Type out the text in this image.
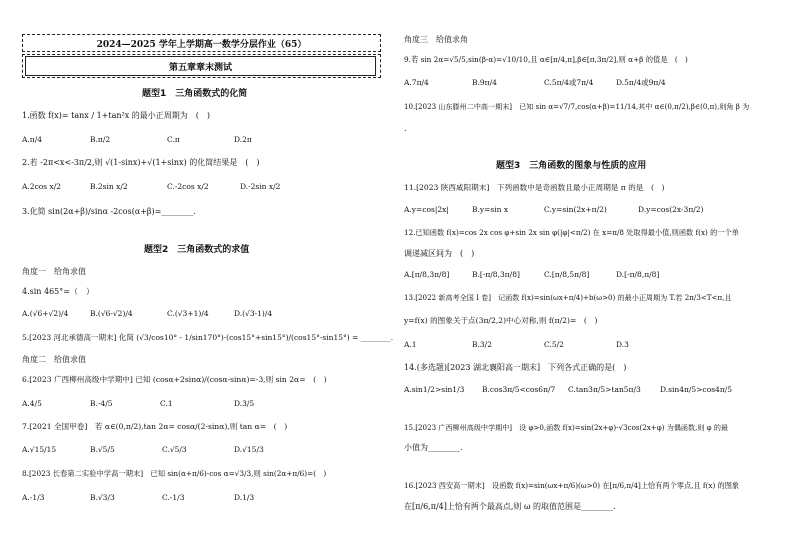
2024—2025 学年上学期高一数学分层作业（65）
第五章章末测试
题型1　三角函数式的化简
1.函数 f(x)= tanx / 1+tan²x 的最小正周期为　(　)
A.π/4	B.π/2	C.π	D.2π
2.若 -2π<x<-3π/2,则 √(1-sinx)+√(1+sinx) 的化简结果是　(　)
A.2cos x/2	B.2sin x/2	C.-2cos x/2	D.-2sin x/2
3.化简 sin(2α+β)/sinα -2cos(α+β)=________.
题型2　三角函数式的求值
角度一　给角求值
4.sin 465°=（　）
A.(√6+√2)/4	B.(√6-√2)/4	C.(√3+1)/4	D.(√3-1)/4
5.[2023 河北承德高一期末] 化简 (√3/cos10° - 1/sin170°)·(cos15°+sin15°)/(cos15°-sin15°) = ________.
角度二　给值求值
6.[2023 广西柳州高级中学期中] 已知 (cosα+2sinα)/(cosα-sinα)=-3,则 sin 2α=　(　)
A.4/5	B.-4/5	C.1	D.3/5
7.[2021 全国甲卷]　若 α∈(0,π/2),tan 2α= cosα/(2-sinα),则 tan α=　(　)
A.√15/15	B.√5/5	C.√5/3	D.√15/3
8.[2023 长春第二实验中学高一期末]　已知 sin(α+π/6)-cos α=√3/3,则 sin(2α+π/6)=(　)
A.-1/3	B.√3/3	C.-1/3	D.1/3
角度三　给值求角
9.若 sin 2α=√5/5,sin(β-α)=√10/10,且 α∈[π/4,π],β∈[π,3π/2],则 α+β 的值是　(　)
A.7π/4	B.9π/4	C.5π/4或7π/4	D.5π/4或9π/4
10.[2023 山东滕州二中高一期末]　已知 sin α=√7/7,cos(α+β)=11/14,其中 α∈(0,π/2),β∈(0,π),则角 β 为
.
题型3　三角函数的图象与性质的应用
11.[2023 陕西咸阳期末]　下列函数中是奇函数且最小正周期是 π 的是　(　)
A.y=cos|2x|	B.y=sin x	C.y=sin(2x+π/2)	D.y=cos(2x-3π/2)
12.已知函数 f(x)=cos 2x cos φ+sin 2x sin φ(|φ|<π/2) 在 x=π/8 处取得最小值,则函数 f(x) 的一个单
调递减区间为　(　)
A.[π/8,3π/8]	B.[-π/8,3π/8]	C.[π/8,5π/8]	D.[-π/8,π/8]
13.[2022 新高考全国 I 卷]　记函数 f(x)=sin(ωx+π/4)+b(ω>0) 的最小正周期为 T.若 2π/3<T<π,且
y=f(x) 的图象关于点(3π/2,2)中心对称,则 f(π/2)=　(　)
A.1	B.3/2	C.5/2	D.3
14.(多选题)[2023 湖北襄阳高一期末]　下列各式正确的是(　)
A.sin1/2>sin1/3 B.cos3π/5<cos6π/7 C.tan3π/5>tan5π/3	D.sin4π/5>cos4π/5
15.[2023 广西柳州高级中学期中]　设 φ>0,函数 f(x)=sin(2x+φ)-√3cos(2x+φ) 为偶函数,则 φ 的最
小值为________.
16.[2023 西安高一期末]　设函数 f(x)=sin(ωx+π/6)(ω>0) 在[π/6,π/4]上恰有两个零点,且 f(x) 的图象
在[π/6,π/4]上恰有两个最高点,则 ω 的取值范围是________.
